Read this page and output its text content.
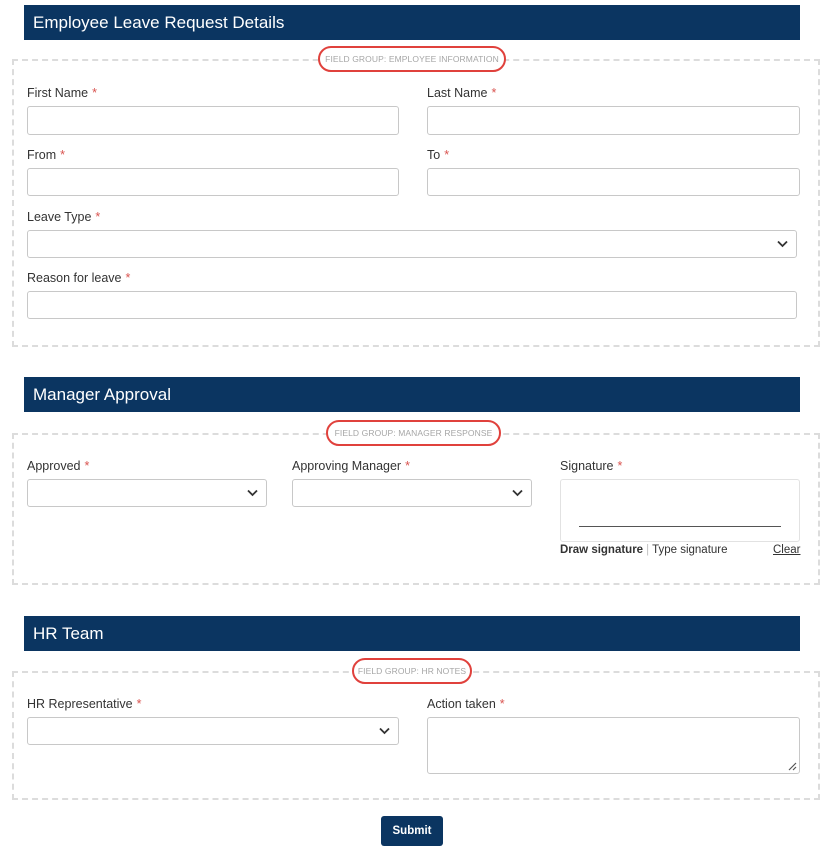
Employee Leave Request Details
FIELD GROUP: EMPLOYEE INFORMATION
First Name *	Last Name *
From *	To *
Leave Type *
Reason for leave *
Manager Approval
FIELD GROUP: MANAGER RESPONSE
Approved *	Approving Manager *	Signature *
Draw signature | Type signature	Clear
HR Team
FIELD GROUP: HR NOTES
HR Representative *	Action taken *
Submit
